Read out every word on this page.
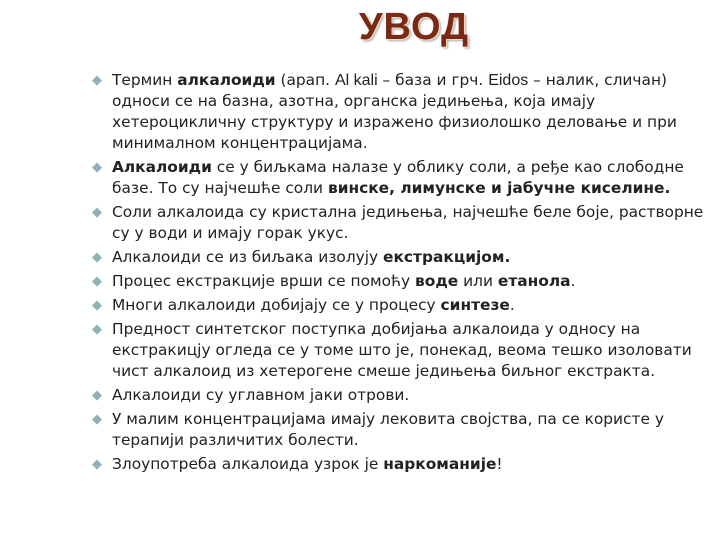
УВОД
◆ Термин алкалоиди (арап. Al kali – база и грч. Eidos – налик, сличан) односи се на базна, азотна, органска једињења, која имају хетероцикличну структуру и изражено физиолошко деловање и при минималном концентрацијама.
◆ Алкалоиди се у биљкама налазе у облику соли, а ређе као слободне базе. То су најчешће соли винске, лимунске и јабучне киселине.
◆ Соли алкалоида су кристална једињења, најчешће беле боје, растворне су у води и имају горак укус.
◆ Алкалоиди се из биљака изолују екстракцијом.
◆ Процес екстракције врши се помоћу воде или етанола.
◆ Многи алкалоиди добијају се у процесу синтезе.
◆ Предност синтетског поступка добијања алкалоида у односу на екстракицју огледа се у томе што је, понекад, веома тешко изоловати чист алкалоид из хетерогене смеше једињења биљног екстракта.
◆ Алкалоиди су углавном јаки отрови.
◆ У малим концентрацијама имају лековита својства, па се користе у терапији различитих болести.
◆ Злоупотреба алкалоида узрок је наркоманије!
